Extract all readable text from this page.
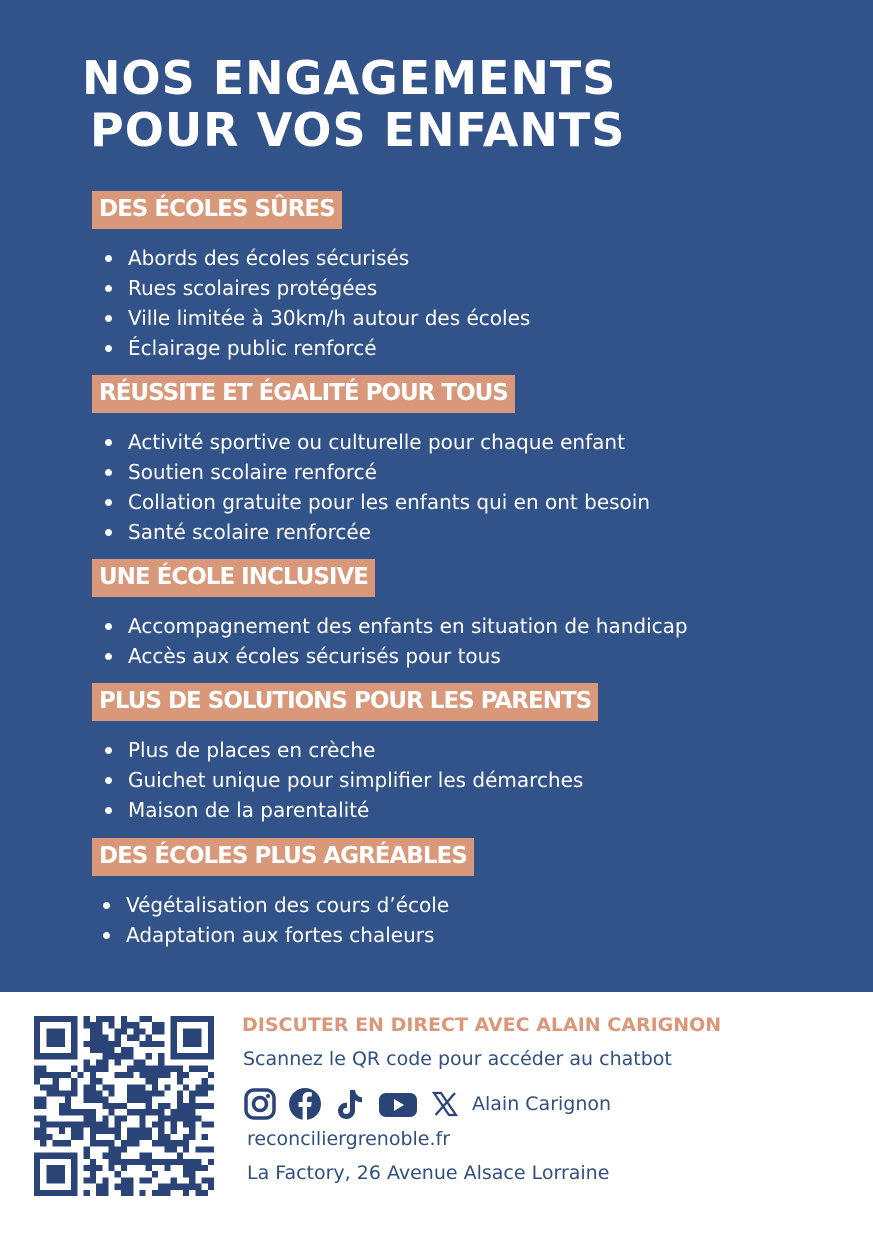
NOS ENGAGEMENTS
POUR VOS ENFANTS
DES ÉCOLES SÛRES
Abords des écoles sécurisés
Rues scolaires protégées
Ville limitée à 30km/h autour des écoles
Éclairage public renforcé
RÉUSSITE ET ÉGALITÉ POUR TOUS
Activité sportive ou culturelle pour chaque enfant
Soutien scolaire renforcé
Collation gratuite pour les enfants qui en ont besoin
Santé scolaire renforcée
UNE ÉCOLE INCLUSIVE
Accompagnement des enfants en situation de handicap
Accès aux écoles sécurisés pour tous
PLUS DE SOLUTIONS POUR LES PARENTS
Plus de places en crèche
Guichet unique pour simplifier les démarches
Maison de la parentalité
DES ÉCOLES PLUS AGRÉABLES
Végétalisation des cours d’école
Adaptation aux fortes chaleurs
DISCUTER EN DIRECT AVEC ALAIN CARIGNON
Scannez le QR code pour accéder au chatbot
Alain Carignon
reconciliergrenoble.fr
La Factory, 26 Avenue Alsace Lorraine
